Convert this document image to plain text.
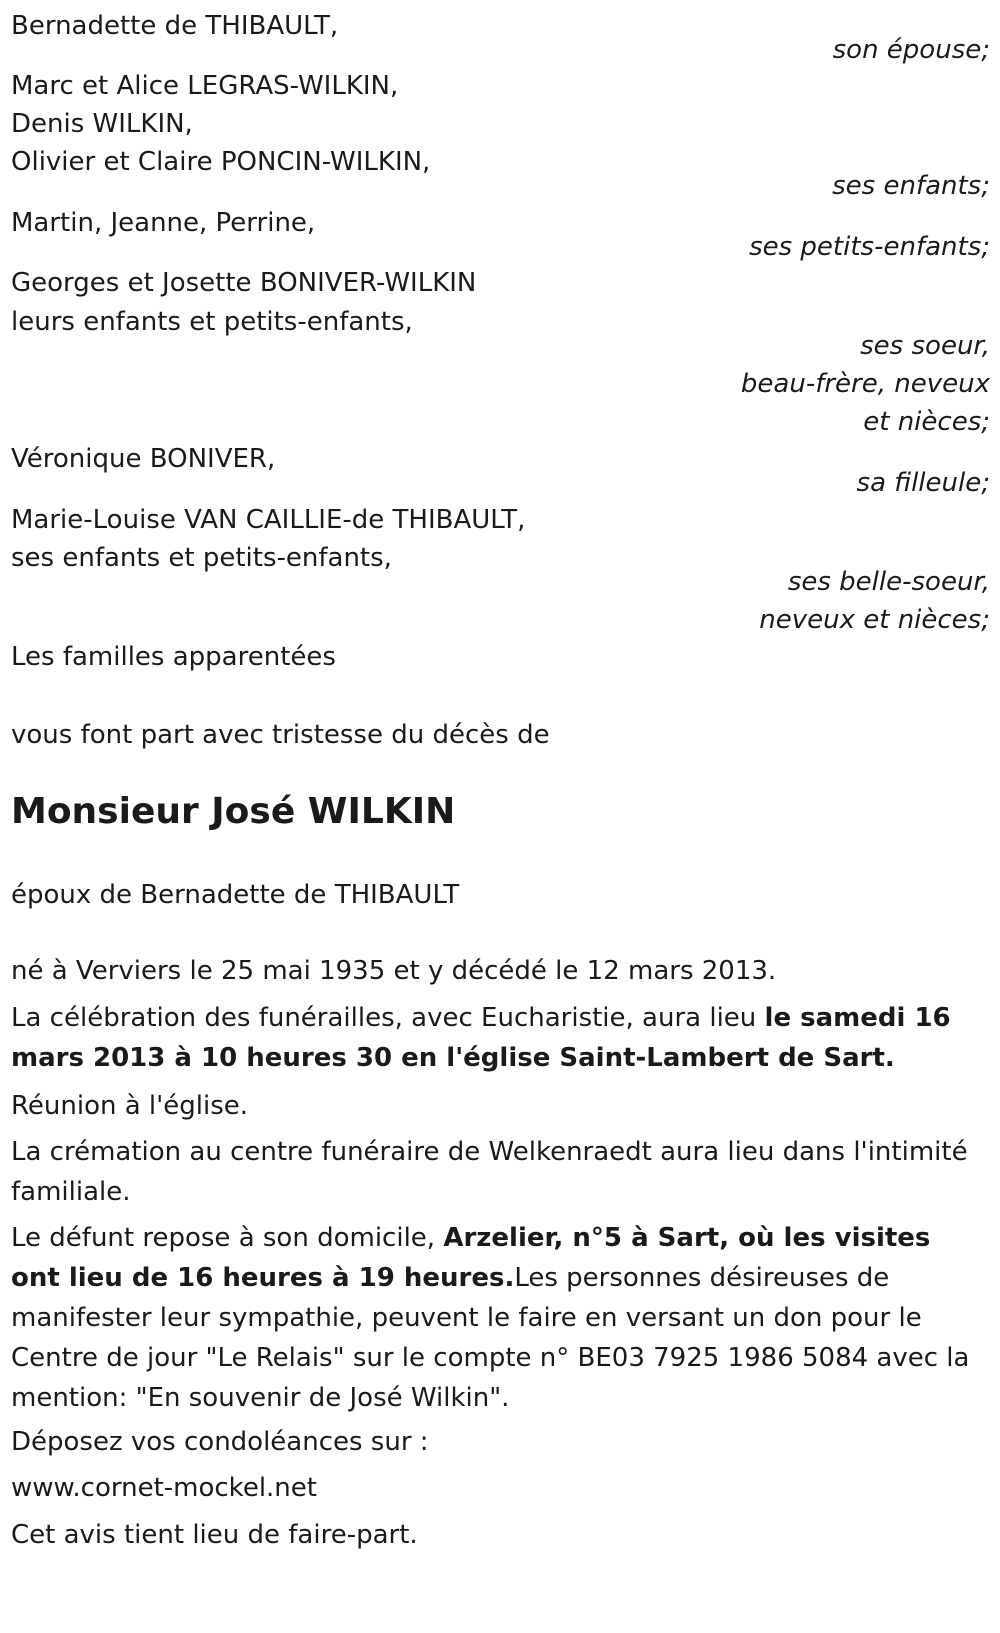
Bernadette de THIBAULT,
son épouse;
Marc et Alice LEGRAS-WILKIN,
Denis WILKIN,
Olivier et Claire PONCIN-WILKIN,
ses enfants;
Martin, Jeanne, Perrine,
ses petits-enfants;
Georges et Josette BONIVER-WILKIN
leurs enfants et petits-enfants,
ses soeur,
beau-frère, neveux
et nièces;
Véronique BONIVER,
sa filleule;
Marie-Louise VAN CAILLIE-de THIBAULT,
ses enfants et petits-enfants,
ses belle-soeur,
neveux et nièces;
Les familles apparentées
vous font part avec tristesse du décès de
Monsieur José WILKIN
époux de Bernadette de THIBAULT
né à Verviers le 25 mai 1935 et y décédé le 12 mars 2013.
La célébration des funérailles, avec Eucharistie, aura lieu le samedi 16 mars 2013 à 10 heures 30 en l'église Saint-Lambert de Sart.
Réunion à l'église.
La crémation au centre funéraire de Welkenraedt aura lieu dans l'intimité familiale.
Le défunt repose à son domicile, Arzelier, n°5 à Sart, où les visites ont lieu de 16 heures à 19 heures.Les personnes désireuses de manifester leur sympathie, peuvent le faire en versant un don pour le Centre de jour "Le Relais" sur le compte n° BE03 7925 1986 5084 avec la mention: "En souvenir de José Wilkin".
Déposez vos condoléances sur :
www.cornet-mockel.net
Cet avis tient lieu de faire-part.
